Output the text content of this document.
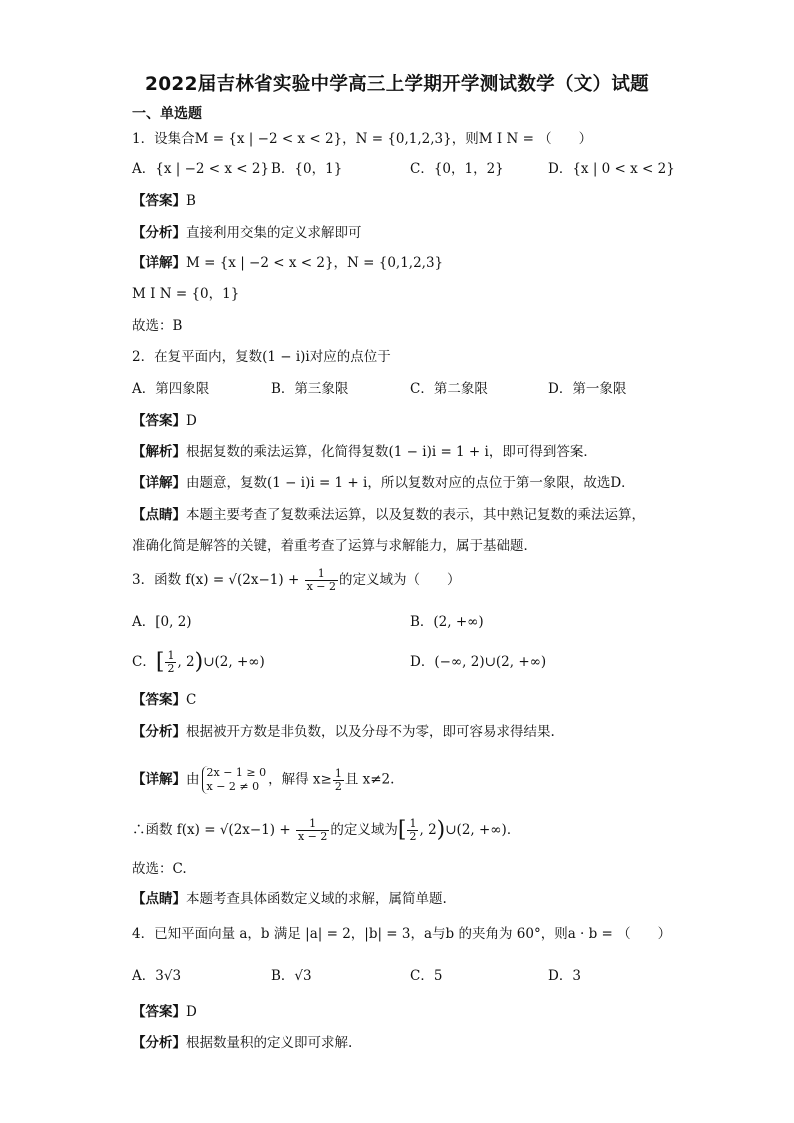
2022届吉林省实验中学高三上学期开学测试数学（文）试题
一、单选题
1．设集合M = {x | −2 < x < 2}，N = {0,1,2,3}，则M I N = （　　）
A．{x | −2 < x < 2} B．{0，1}	C．{0，1，2}	D．{x | 0 < x < 2}
【答案】B
【分析】直接利用交集的定义求解即可
【详解】M = {x | −2 < x < 2}，N = {0,1,2,3}
M I N = {0，1}
故选：B
2．在复平面内，复数(1 − i)i对应的点位于
A．第四象限	B．第三象限	C．第二象限	D．第一象限
【答案】D
【解析】根据复数的乘法运算，化简得复数(1 − i)i = 1 + i，即可得到答案．
【详解】由题意，复数(1 − i)i = 1 + i，所以复数对应的点位于第一象限，故选D．
【点睛】本题主要考查了复数乘法运算，以及复数的表示，其中熟记复数的乘法运算，
准确化简是解答的关键，着重考查了运算与求解能力，属于基础题．
3．函数 $f(x) = √(2x-1) + \frac{1}{x - 2}$ 的定义域为（　　）
A．[0, 2)	B．(2, +∞)
C．[ $\frac{1}{2}$ , 2)∪(2, +∞)	D．(−∞, 2)∪(2, +∞)
【答案】C
【分析】根据被开方数是非负数，以及分母不为零，即可容易求得结果.
【详解】由 2x − 1 ≥ 0
x − 2 ≠ 0 ，解得 $x\ge \frac{1}{2}$ 且 x≠2.
∴函数 $f(x) = √(2x-1) + \frac{1}{x - 2}$ 的定义域为[ $\frac{1}{2}$ , 2)∪(2, +∞)．
故选：C.
【点睛】本题考查具体函数定义域的求解，属简单题.
4．已知平面向量 a，b 满足 |a| = 2，|b| = 3，a与b 的夹角为 60°，则a · b = （　　）
A．3√3	B．√3	C．5	D．3
【答案】D
【分析】根据数量积的定义即可求解.
